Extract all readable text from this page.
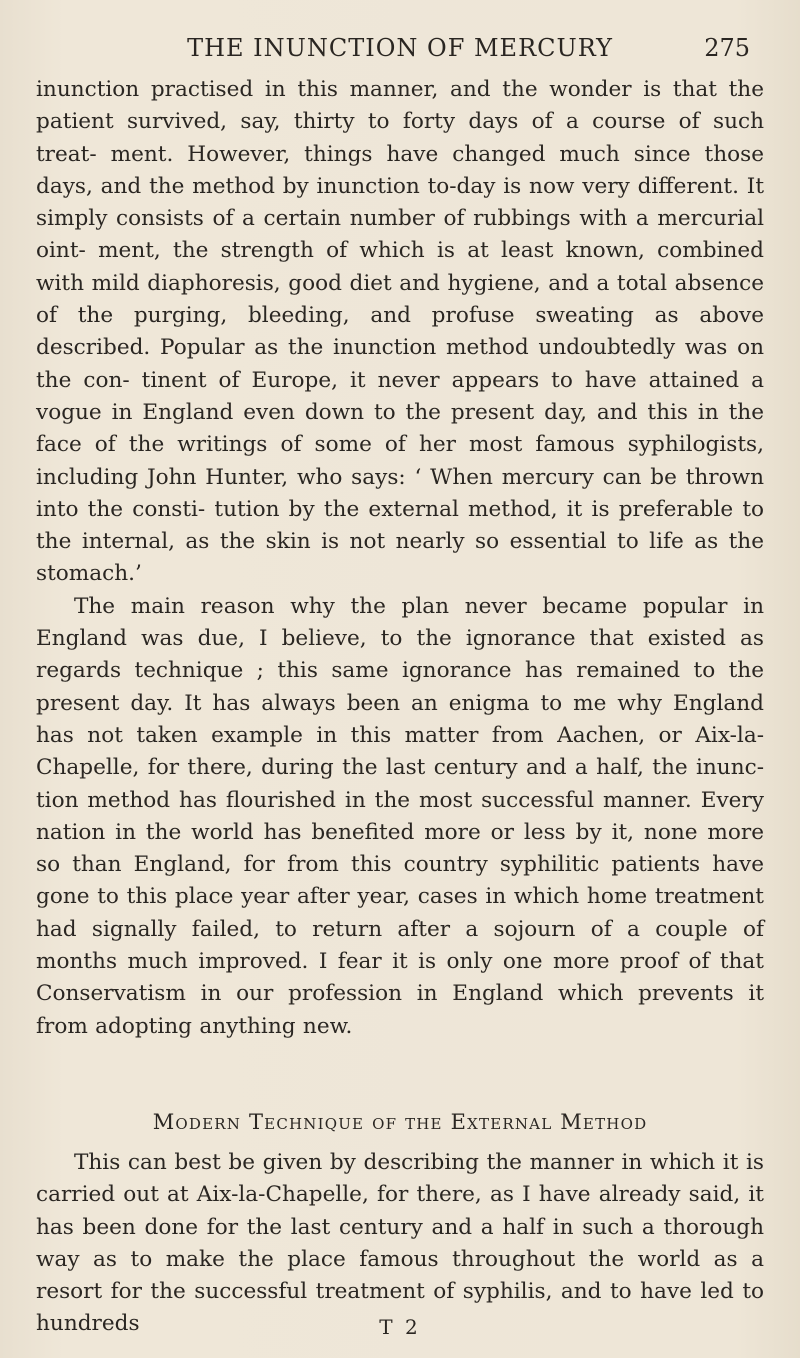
THE INUNCTION OF MERCURY	275

inunction practised in this manner, and the wonder is that the patient survived, say, thirty to forty days of a course of such treat- ment. However, things have changed much since those days, and the method by inunction to-day is now very different. It simply consists of a certain number of rubbings with a mercurial oint- ment, the strength of which is at least known, combined with mild diaphoresis, good diet and hygiene, and a total absence of the purging, bleeding, and profuse sweating as above described. Popular as the inunction method undoubtedly was on the con- tinent of Europe, it never appears to have attained a vogue in England even down to the present day, and this in the face of the writings of some of her most famous syphilogists, including John Hunter, who says: ‘ When mercury can be thrown into the consti- tution by the external method, it is preferable to the internal, as the skin is not nearly so essential to life as the stomach.’

The main reason why the plan never became popular in England was due, I believe, to the ignorance that existed as regards technique ; this same ignorance has remained to the present day. It has always been an enigma to me why England has not taken example in this matter from Aachen, or Aix-la- Chapelle, for there, during the last century and a half, the inunc- tion method has flourished in the most successful manner. Every nation in the world has benefited more or less by it, none more so than England, for from this country syphilitic patients have gone to this place year after year, cases in which home treatment had signally failed, to return after a sojourn of a couple of months much improved. I fear it is only one more proof of that Conservatism in our profession in England which prevents it from adopting anything new.

Modern Technique of the External Method

This can best be given by describing the manner in which it is carried out at Aix-la-Chapelle, for there, as I have already said, it has been done for the last century and a half in such a thorough way as to make the place famous throughout the world as a resort for the successful treatment of syphilis, and to have led to hundreds	T 2
